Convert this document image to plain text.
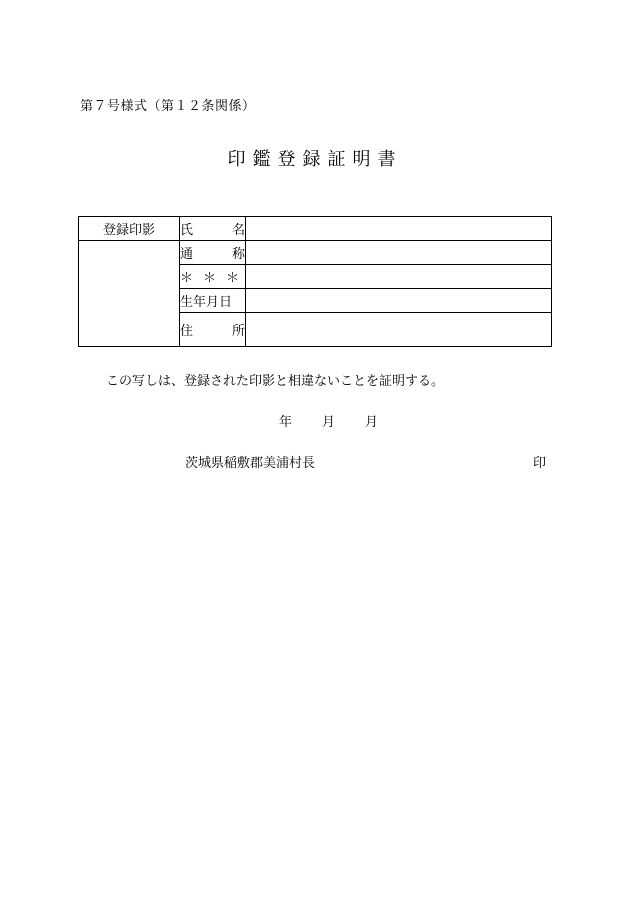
第７号様式（第１２条関係）
印鑑登録証明書
登録印影	氏 名	

	通 称	

	＊ ＊ ＊	

	生年月日	

	住 所	

この写しは、登録された印影と相違ないことを証明する。
年 月 月
茨城県稲敷郡美浦村長	印
